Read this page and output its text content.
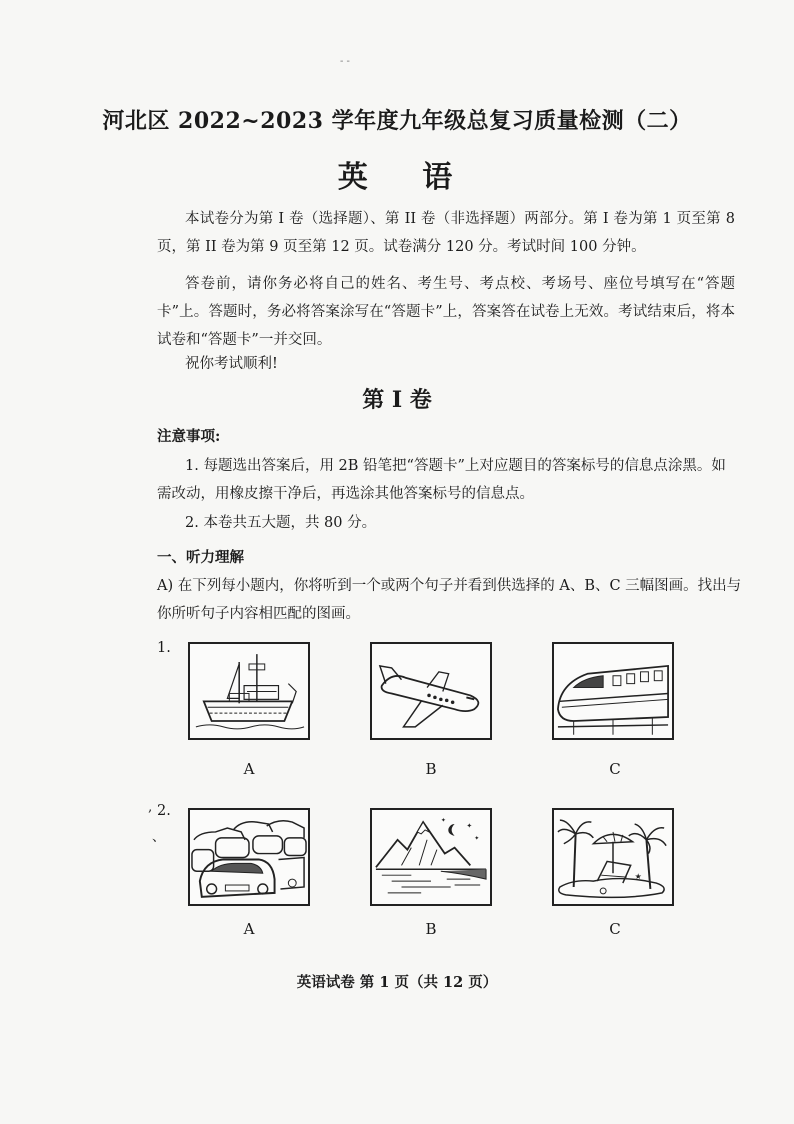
- -
河北区 2022~2023 学年度九年级总复习质量检测（二）
英 语
本试卷分为第 I 卷（选择题）、第 II 卷（非选择题）两部分。第 I 卷为第 1 页至第 8 页，第 II 卷为第 9 页至第 12 页。试卷满分 120 分。考试时间 100 分钟。
答卷前，请你务必将自己的姓名、考生号、考点校、考场号、座位号填写在“答题卡”上。答题时，务必将答案涂写在“答题卡”上，答案答在试卷上无效。考试结束后，将本试卷和“答题卡”一并交回。
祝你考试顺利!
第 I 卷
注意事项:
1. 每题选出答案后，用 2B 铅笔把“答题卡”上对应题目的答案标号的信息点涂黑。如需改动，用橡皮擦干净后，再选涂其他答案标号的信息点。
2. 本卷共五大题，共 80 分。
一、听力理解
A) 在下列每小题内，你将听到一个或两个句子并看到供选择的 A、B、C 三幅图画。找出与你所听句子内容相匹配的图画。
1.
A	B	C
‚ 2.
、
A
✦
✦
✦
B
★
C
英语试卷 第 1 页（共 12 页）
